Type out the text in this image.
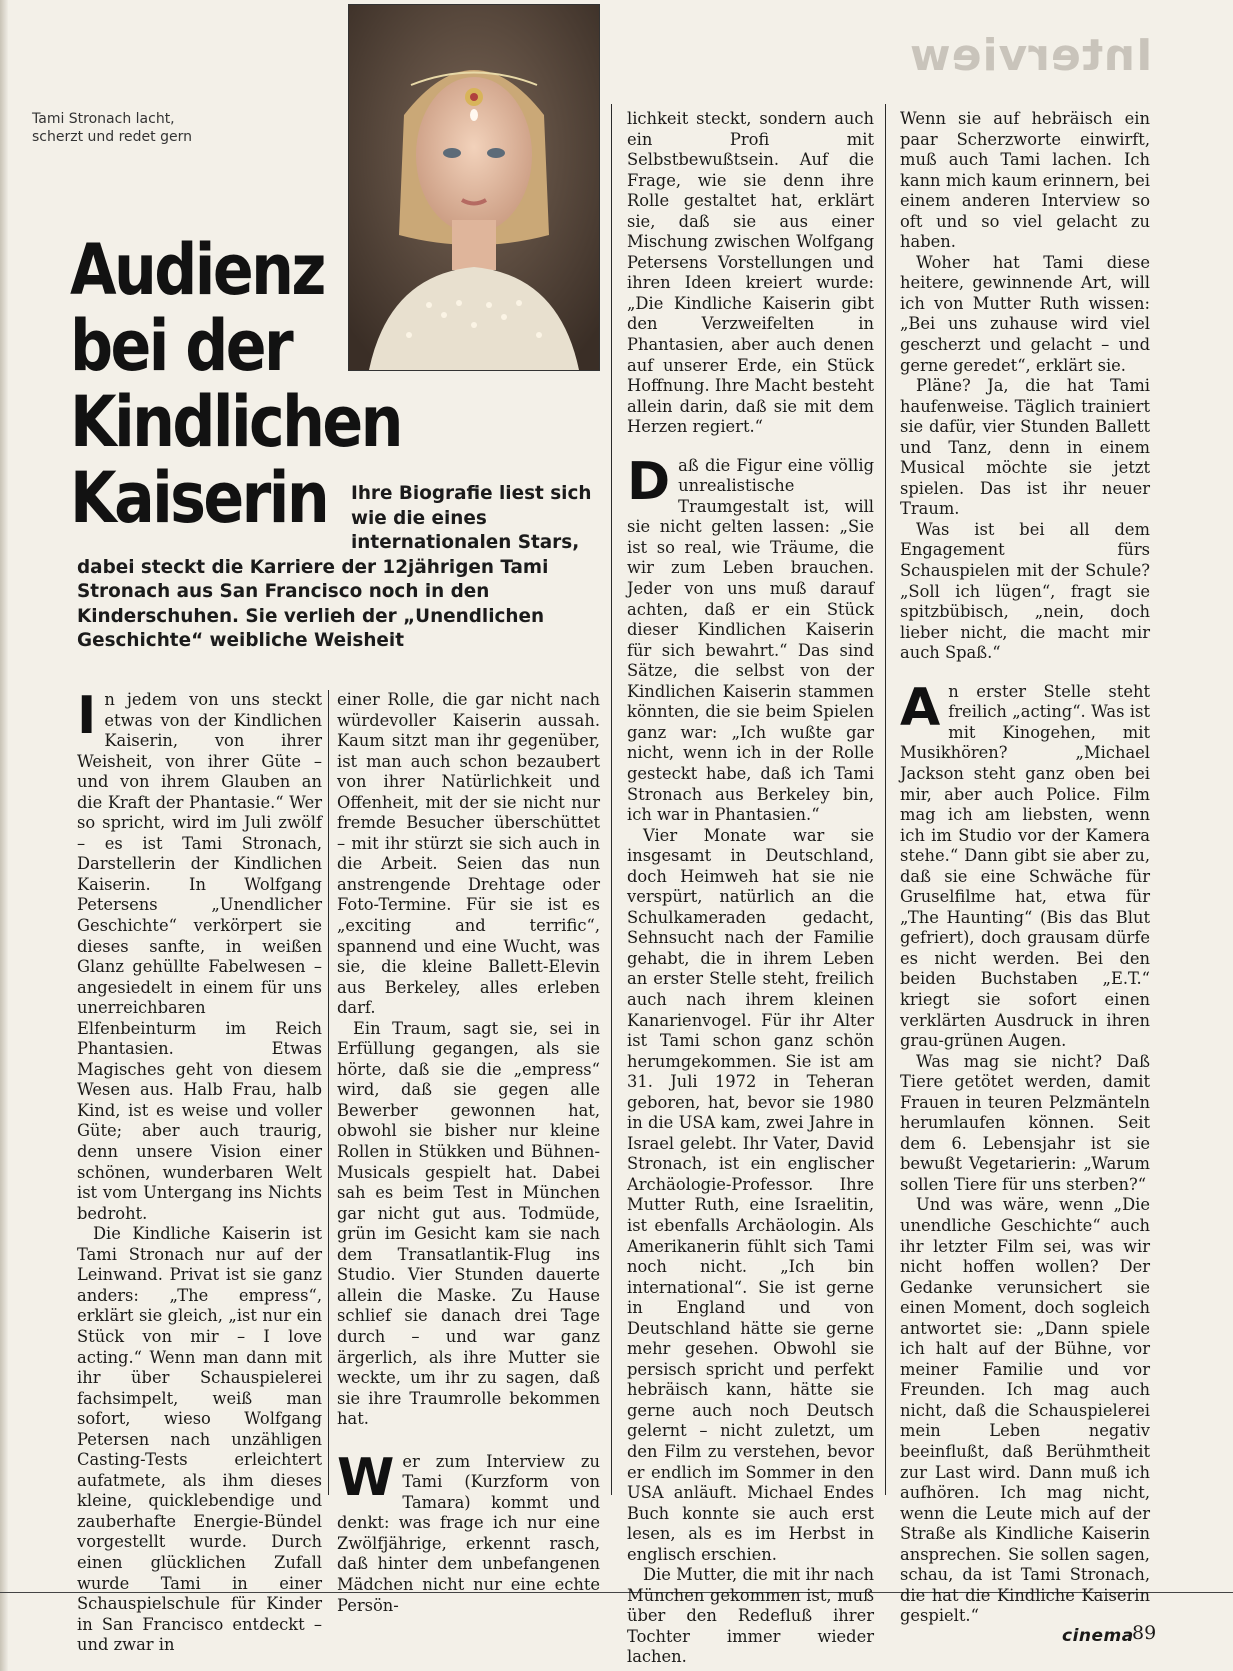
Interview
Tami Stronach lacht, scherzt und redet gern
Audienz
bei der
Kindlichen
Kaiserin	Ihre Biografie liest sich wie die eines internationalen Stars, dabei steckt die Karriere der 12jährigen Tami Stronach aus San Francisco noch in den Kinderschuhen. Sie verlieh der „Unendlichen Geschichte“ weibliche Weisheit

In jedem von uns steckt etwas von der Kindlichen Kaiserin, von ihrer Weisheit, von ihrer Güte – und von ihrem Glauben an die Kraft der Phantasie.“ Wer so spricht, wird im Juli zwölf – es ist Tami Stronach, Darstellerin der Kindlichen Kaiserin. In Wolfgang Petersens „Unendlicher Geschichte“ verkörpert sie dieses sanfte, in weißen Glanz gehüllte Fabelwesen – angesiedelt in einem für uns unerreichbaren Elfenbeinturm im Reich Phantasien. Etwas Magisches geht von diesem Wesen aus. Halb Frau, halb Kind, ist es weise und voller Güte; aber auch traurig, denn unsere Vision einer schönen, wunderbaren Welt ist vom Untergang ins Nichts bedroht.

Die Kindliche Kaiserin ist Tami Stronach nur auf der Leinwand. Privat ist sie ganz anders: „The empress“, erklärt sie gleich, „ist nur ein Stück von mir – I love acting.“ Wenn man dann mit ihr über Schauspielerei fachsimpelt, weiß man sofort, wieso Wolfgang Petersen nach unzähligen Casting-Tests erleichtert aufatmete, als ihm dieses kleine, quicklebendige und zauberhafte Energie-Bündel vorgestellt wurde. Durch einen glücklichen Zufall wurde Tami in einer Schauspielschule für Kinder in San Francisco entdeckt – und zwar in

einer Rolle, die gar nicht nach würdevoller Kaiserin aussah. Kaum sitzt man ihr gegenüber, ist man auch schon bezaubert von ihrer Natürlichkeit und Offenheit, mit der sie nicht nur fremde Besucher überschüttet – mit ihr stürzt sie sich auch in die Arbeit. Seien das nun anstrengende Drehtage oder Foto-Termine. Für sie ist es „exciting and terrific“, spannend und eine Wucht, was sie, die kleine Ballett-Elevin aus Berkeley, alles erleben darf.

Ein Traum, sagt sie, sei in Erfüllung gegangen, als sie hörte, daß sie die „empress“ wird, daß sie gegen alle Bewerber gewonnen hat, obwohl sie bisher nur kleine Rollen in Stükken und Bühnen-Musicals gespielt hat. Dabei sah es beim Test in München gar nicht gut aus. Todmüde, grün im Gesicht kam sie nach dem Transatlantik-Flug ins Studio. Vier Stunden dauerte allein die Maske. Zu Hause schlief sie danach drei Tage durch – und war ganz ärgerlich, als ihre Mutter sie weckte, um ihr zu sagen, daß sie ihre Traumrolle bekommen hat.

Wer zum Interview zu Tami (Kurzform von Tamara) kommt und denkt: was frage ich nur eine Zwölfjährige, erkennt rasch, daß hinter dem unbefangenen Mädchen nicht nur eine echte Persön-

lichkeit steckt, sondern auch ein Profi mit Selbstbewußtsein. Auf die Frage, wie sie denn ihre Rolle gestaltet hat, erklärt sie, daß sie aus einer Mischung zwischen Wolfgang Petersens Vorstellungen und ihren Ideen kreiert wurde: „Die Kindliche Kaiserin gibt den Verzweifelten in Phantasien, aber auch denen auf unserer Erde, ein Stück Hoffnung. Ihre Macht besteht allein darin, daß sie mit dem Herzen regiert.“

Daß die Figur eine völlig unrealistische Traumgestalt ist, will sie nicht gelten lassen: „Sie ist so real, wie Träume, die wir zum Leben brauchen. Jeder von uns muß darauf achten, daß er ein Stück dieser Kindlichen Kaiserin für sich bewahrt.“ Das sind Sätze, die selbst von der Kindlichen Kaiserin stammen könnten, die sie beim Spielen ganz war: „Ich wußte gar nicht, wenn ich in der Rolle gesteckt habe, daß ich Tami Stronach aus Berkeley bin, ich war in Phantasien.“

Vier Monate war sie insgesamt in Deutschland, doch Heimweh hat sie nie verspürt, natürlich an die Schulkameraden gedacht, Sehnsucht nach der Familie gehabt, die in ihrem Leben an erster Stelle steht, freilich auch nach ihrem kleinen Kanarienvogel. Für ihr Alter ist Tami schon ganz schön herumgekommen. Sie ist am 31. Juli 1972 in Teheran geboren, hat, bevor sie 1980 in die USA kam, zwei Jahre in Israel gelebt. Ihr Vater, David Stronach, ist ein englischer Archäologie-Professor. Ihre Mutter Ruth, eine Israelitin, ist ebenfalls Archäologin. Als Amerikanerin fühlt sich Tami noch nicht. „Ich bin international“. Sie ist gerne in England und von Deutschland hätte sie gerne mehr gesehen. Obwohl sie persisch spricht und perfekt hebräisch kann, hätte sie gerne auch noch Deutsch gelernt – nicht zuletzt, um den Film zu verstehen, bevor er endlich im Sommer in den USA anläuft. Michael Endes Buch konnte sie auch erst lesen, als es im Herbst in englisch erschien.

Die Mutter, die mit ihr nach München gekommen ist, muß über den Redefluß ihrer Tochter immer wieder lachen.

Wenn sie auf hebräisch ein paar Scherzworte einwirft, muß auch Tami lachen. Ich kann mich kaum erinnern, bei einem anderen Interview so oft und so viel gelacht zu haben.

Woher hat Tami diese heitere, gewinnende Art, will ich von Mutter Ruth wissen: „Bei uns zuhause wird viel gescherzt und gelacht – und gerne geredet“, erklärt sie.

Pläne? Ja, die hat Tami haufenweise. Täglich trainiert sie dafür, vier Stunden Ballett und Tanz, denn in einem Musical möchte sie jetzt spielen. Das ist ihr neuer Traum.

Was ist bei all dem Engagement fürs Schauspielen mit der Schule? „Soll ich lügen“, fragt sie spitzbübisch, „nein, doch lieber nicht, die macht mir auch Spaß.“

An erster Stelle steht freilich „acting“. Was ist mit Kinogehen, mit Musikhören? „Michael Jackson steht ganz oben bei mir, aber auch Police. Film mag ich am liebsten, wenn ich im Studio vor der Kamera stehe.“ Dann gibt sie aber zu, daß sie eine Schwäche für Gruselfilme hat, etwa für „The Haunting“ (Bis das Blut gefriert), doch grausam dürfe es nicht werden. Bei den beiden Buchstaben „E.T.“ kriegt sie sofort einen verklärten Ausdruck in ihren grau-grünen Augen.

Was mag sie nicht? Daß Tiere getötet werden, damit Frauen in teuren Pelzmänteln herumlaufen können. Seit dem 6. Lebensjahr ist sie bewußt Vegetarierin: „Warum sollen Tiere für uns sterben?“

Und was wäre, wenn „Die unendliche Geschichte“ auch ihr letzter Film sei, was wir nicht hoffen wollen? Der Gedanke verunsichert sie einen Moment, doch sogleich antwortet sie: „Dann spiele ich halt auf der Bühne, vor meiner Familie und vor Freunden. Ich mag auch nicht, daß die Schauspielerei mein Leben negativ beeinflußt, daß Berühmtheit zur Last wird. Dann muß ich aufhören. Ich mag nicht, wenn die Leute mich auf der Straße als Kindliche Kaiserin ansprechen. Sie sollen sagen, schau, da ist Tami Stronach, die hat die Kindliche Kaiserin gespielt.“

cinema
89
